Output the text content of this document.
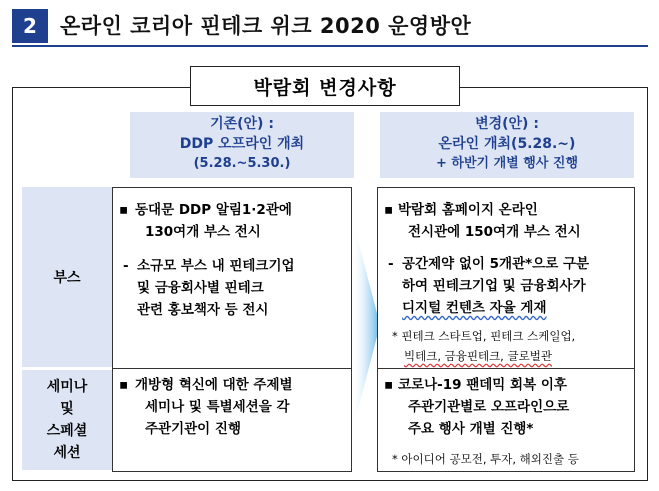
2	온라인 코리아 핀테크 위크 2020 운영방안
박람회 변경사항
기존(안) :
DDP 오프라인 개최
(5.28.~5.30.)
변경(안) :
온라인 개최(5.28.~)
+ 하반기 개별 행사 진행
부스
세미나
및
스페셜
세션
▪ 동대문 DDP 알림1·2관에
130여개 부스 전시
- 소규모 부스 내 핀테크기업
및 금융회사별 핀테크
관련 홍보책자 등 전시
▪ 개방형 혁신에 대한 주제별
세미나 및 특별세션을 각
주관기관이 진행
▪ 박람회 홈페이지 온라인
전시관에 150여개 부스 전시
- 공간제약 없이 5개관*으로 구분
하여 핀테크기업 및 금융회사가
디지털 컨텐츠 자율 게재
* 핀테크 스타트업, 핀테크 스케일업,
빅테크, 금융핀테크, 글로벌관
▪ 코로나-19 팬데믹 회복 이후
주관기관별로 오프라인으로
주요 행사 개별 진행*
* 아이디어 공모전, 투자, 해외진출 등
